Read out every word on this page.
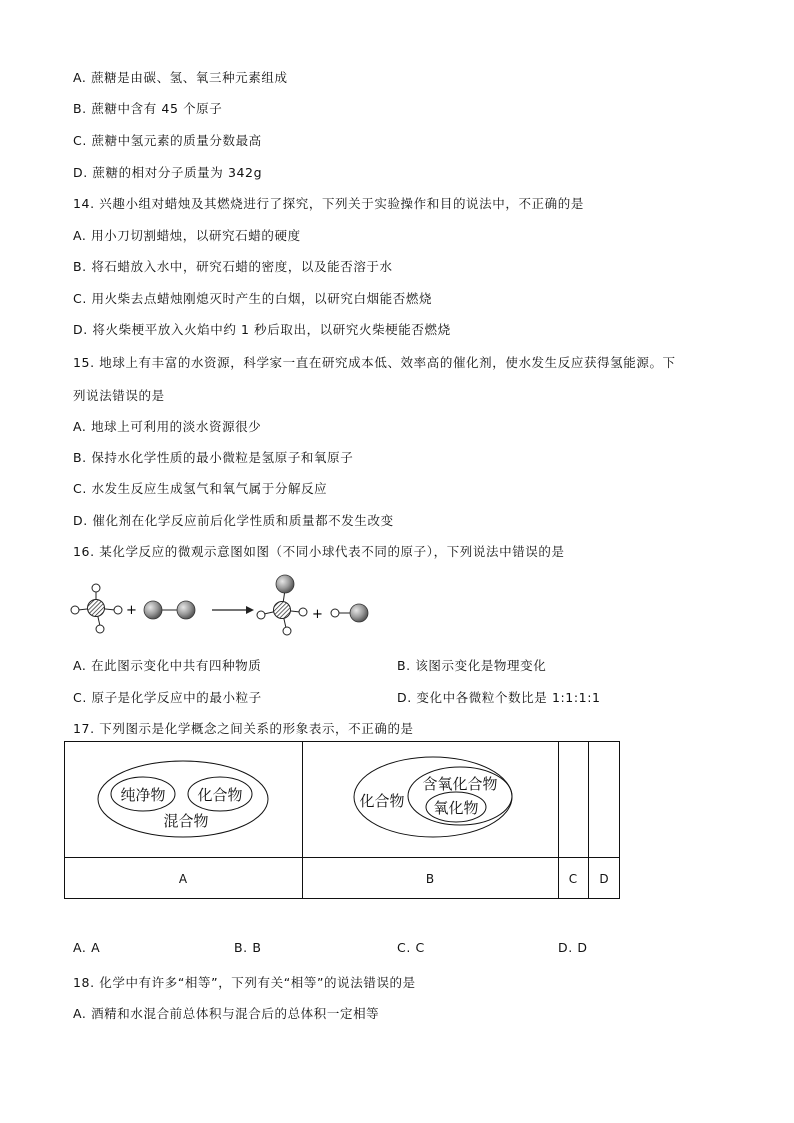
A. 蔗糖是由碳、氢、氧三种元素组成
B. 蔗糖中含有 45 个原子
C. 蔗糖中氢元素的质量分数最高
D. 蔗糖的相对分子质量为 342g
14. 兴趣小组对蜡烛及其燃烧进行了探究，下列关于实验操作和目的说法中，不正确的是
A. 用小刀切割蜡烛，以研究石蜡的硬度
B. 将石蜡放入水中，研究石蜡的密度，以及能否溶于水
C. 用火柴去点蜡烛刚熄灭时产生的白烟，以研究白烟能否燃烧
D. 将火柴梗平放入火焰中约 1 秒后取出，以研究火柴梗能否燃烧
15. 地球上有丰富的水资源，科学家一直在研究成本低、效率高的催化剂，使水发生反应获得氢能源。下
列说法错误的是
A. 地球上可利用的淡水资源很少
B. 保持水化学性质的最小微粒是氢原子和氧原子
C. 水发生反应生成氢气和氧气属于分解反应
D. 催化剂在化学反应前后化学性质和质量都不发生改变
16. 某化学反应的微观示意图如图（不同小球代表不同的原子），下列说法中错误的是
+	+
A. 在此图示变化中共有四种物质	B. 该图示变化是物理变化
C. 原子是化学反应中的最小粒子	D. 变化中各微粒个数比是 1:1:1:1
17. 下列图示是化学概念之间关系的形象表示，不正确的是
纯净物 化合物
混合物
化合物
含氧化合物
氧化物
A	B	C D
A. A	B. B	C. C	D. D
18. 化学中有许多“相等”，下列有关“相等”的说法错误的是
A. 酒精和水混合前总体积与混合后的总体积一定相等
